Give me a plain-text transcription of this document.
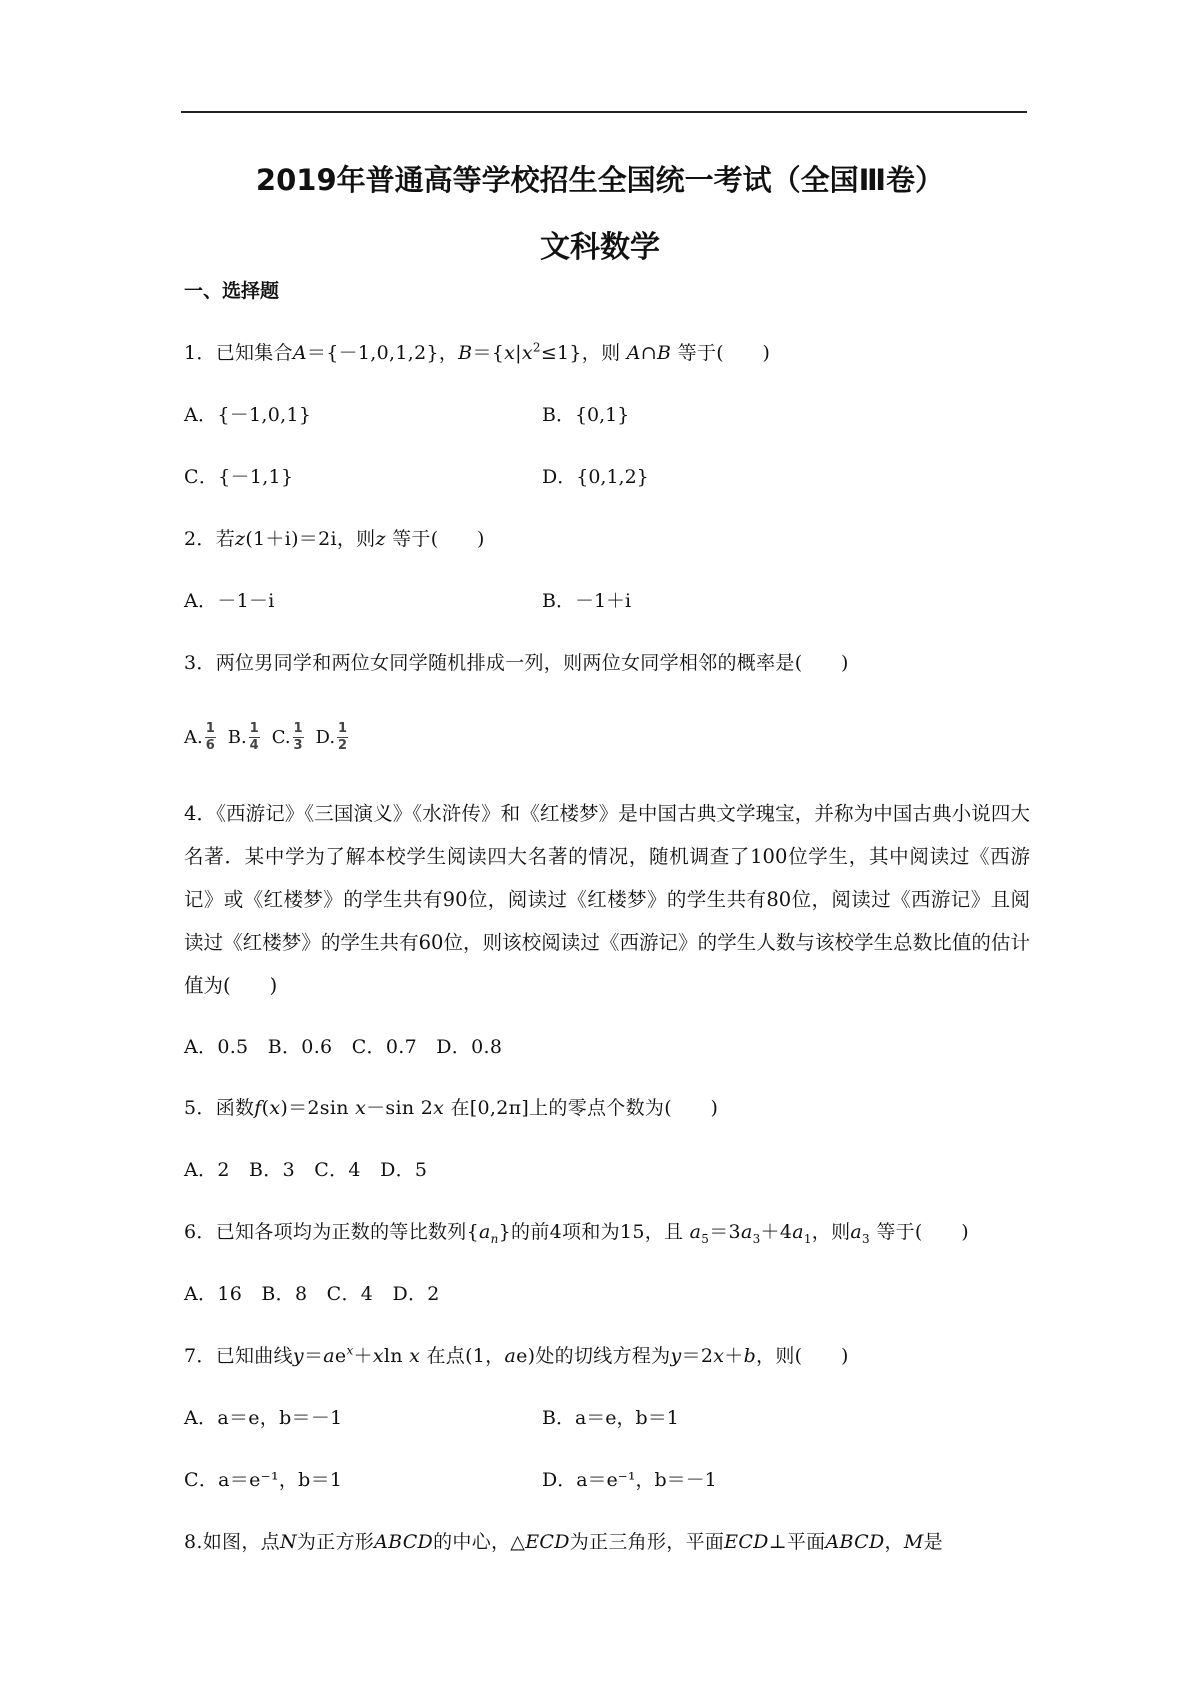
2019年普通高等学校招生全国统一考试（全国Ⅲ卷）
文科数学
一、选择题
1．已知集合A＝{－1,0,1,2}，$B=\{x|x^2\le 1\}$，则 A∩B 等于(　　)
A．{－1,0,1}	B．{0,1}
C．{－1,1}	D．{0,1,2}
2．若z(1＋i)＝2i，则z 等于(　　)
A．－1－i	B．－1＋i
3．两位男同学和两位女同学随机排成一列，则两位女同学相邻的概率是(　　)
A. $\frac{1}{6} B$. $\frac{1}{4} C$. $\frac{1}{3} D$. $\frac{1}{2}$
4．《西游记》《三国演义》《水浒传》和《红楼梦》是中国古典文学瑰宝，并称为中国古典小说四大名著．某中学为了解本校学生阅读四大名著的情况，随机调查了100位学生，其中阅读过《西游记》或《红楼梦》的学生共有90位，阅读过《红楼梦》的学生共有80位，阅读过《西游记》且阅读过《红楼梦》的学生共有60位，则该校阅读过《西游记》的学生人数与该校学生总数比值的估计值为(　　)
A．0.5　B．0.6　C．0.7　D．0.8
5．函数f(x)＝2sin x－sin 2x 在[0,2π]上的零点个数为(　　)
A．2　B．3　C．4　D．5
6．已知各项均为正数的等比数列$\{a_n\}$的前4项和为15，且 $a_5=3a_3+4a_1$，则$a_3$ 等于(　　)
A．16　B．8　C．4　D．2
7．已知曲线$y=ae^x+xln$ x 在点(1，ae)处的切线方程为y＝2x＋b，则(　　)
A．a＝e，b＝－1	B．a＝e，b＝1
C．a＝e⁻¹，b＝1	D．a＝e⁻¹，b＝－1
8.如图，点N为正方形ABCD的中心，△ECD为正三角形，平面ECD⊥平面ABCD，M是
